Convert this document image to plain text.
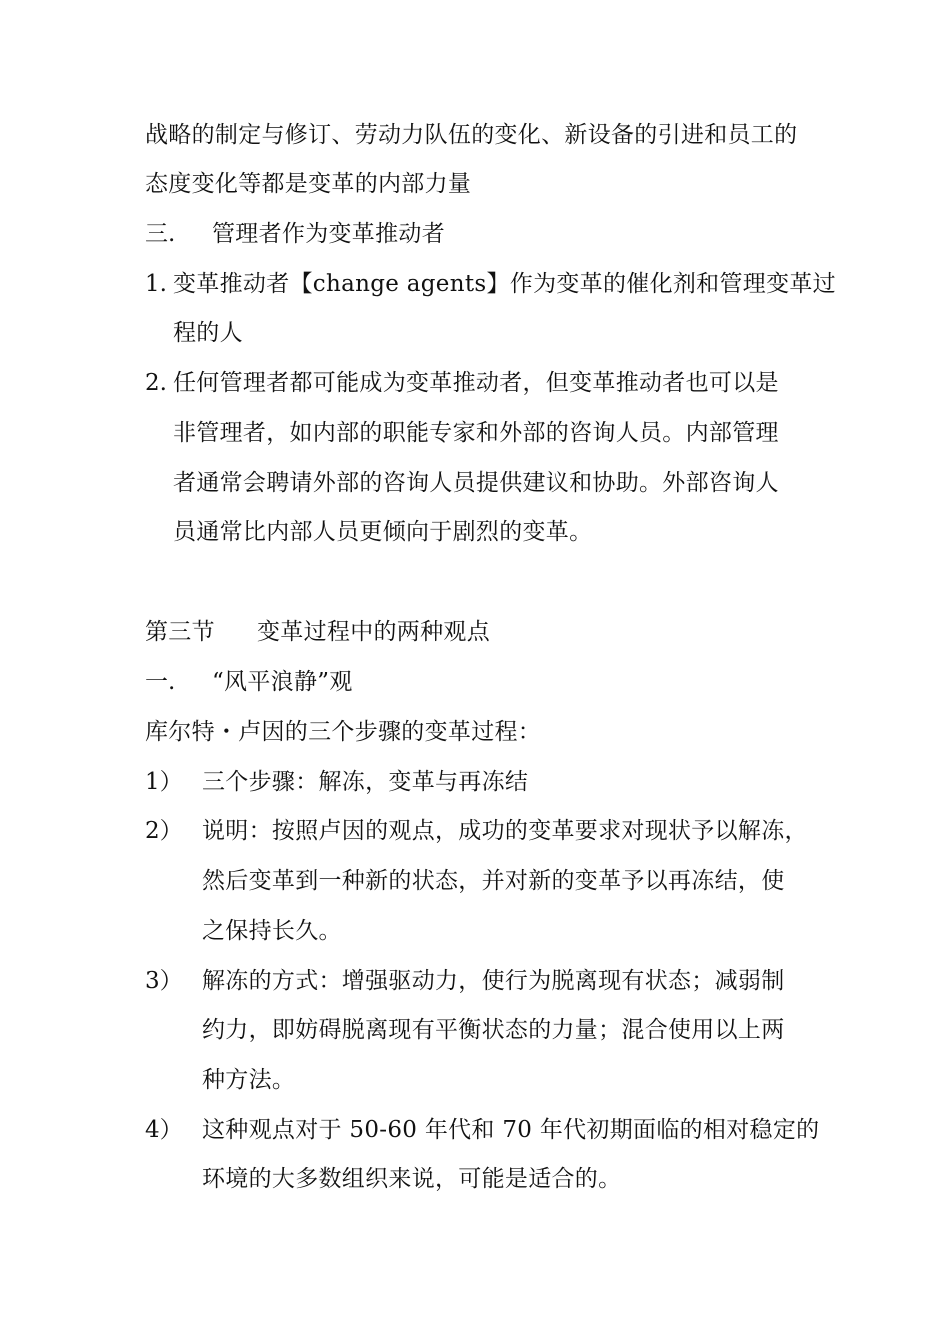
战略的制定与修订、劳动力队伍的变化、新设备的引进和员工的
态度变化等都是变革的内部力量
三. 管理者作为变革推动者
1. 变革推动者【change agents】作为变革的催化剂和管理变革过
程的人
2. 任何管理者都可能成为变革推动者，但变革推动者也可以是
非管理者，如内部的职能专家和外部的咨询人员。内部管理
者通常会聘请外部的咨询人员提供建议和协助。外部咨询人
员通常比内部人员更倾向于剧烈的变革。
第三节 变革过程中的两种观点
一. “风平浪静”观
库尔特・卢因的三个步骤的变革过程：
1） 三个步骤：解冻，变革与再冻结
2） 说明：按照卢因的观点，成功的变革要求对现状予以解冻，
然后变革到一种新的状态，并对新的变革予以再冻结，使
之保持长久。
3） 解冻的方式：增强驱动力，使行为脱离现有状态；减弱制
约力，即妨碍脱离现有平衡状态的力量；混合使用以上两
种方法。
4） 这种观点对于 50-60 年代和 70 年代初期面临的相对稳定的
环境的大多数组织来说，可能是适合的。
